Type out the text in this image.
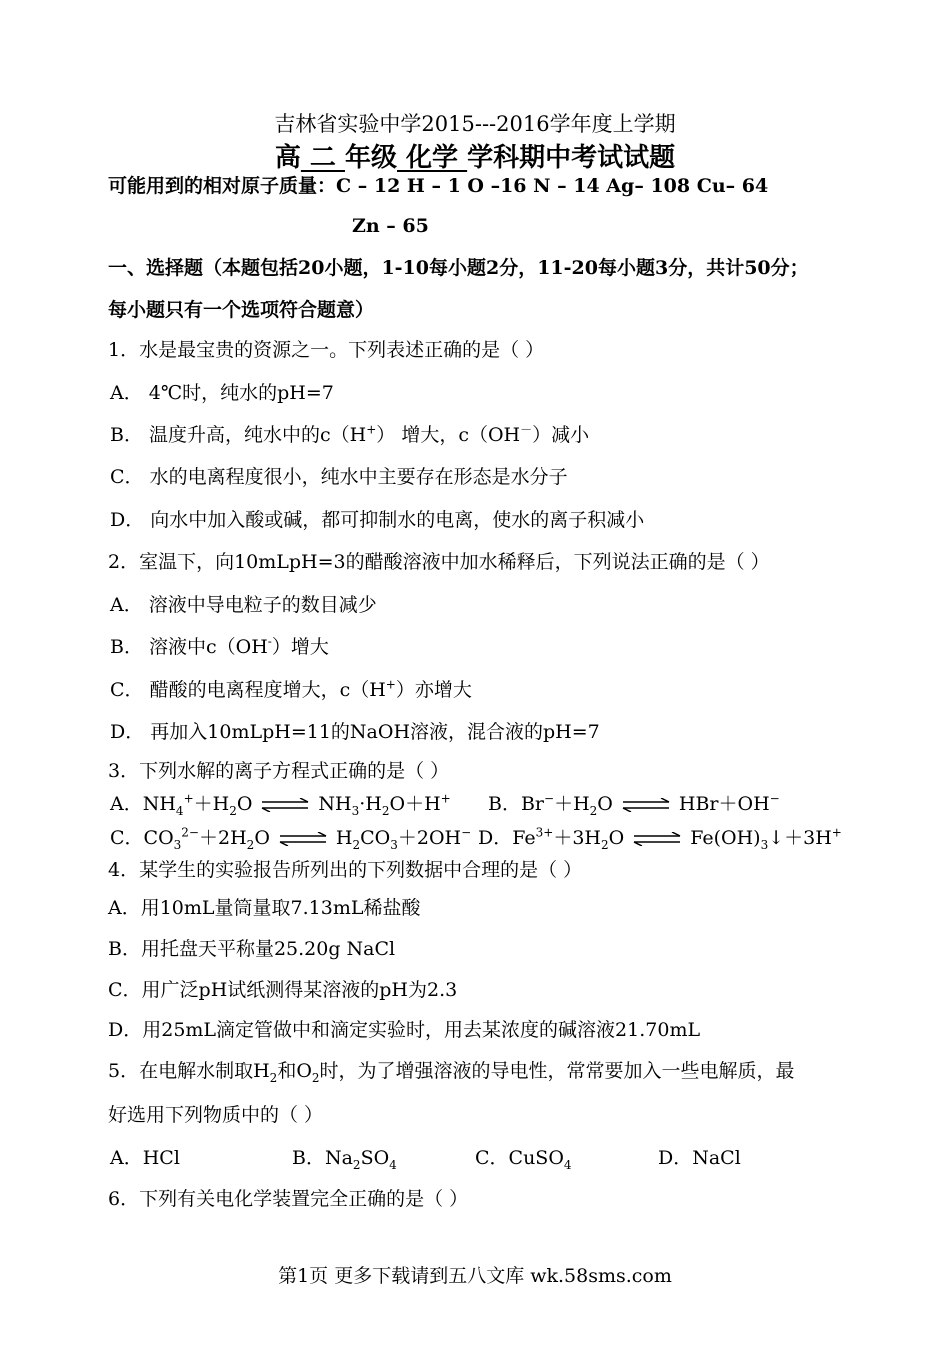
吉林省实验中学2015---2016学年度上学期
高 二 年级 化学 学科期中考试试题
可能用到的相对原子质量：C – 12 H – 1 O –16 N – 14 Ag– 108 Cu– 64
Zn – 65
一、选择题（本题包括20小题，1-10每小题2分，11-20每小题3分，共计50分；
每小题只有一个选项符合题意）
1．水是最宝贵的资源之一。下列表述正确的是（ ）
A． 4℃时，纯水的pH=7
B． 温度升高，纯水中的c（H+） 增大，c（OH－）减小
C． 水的电离程度很小，纯水中主要存在形态是水分子
D． 向水中加入酸或碱，都可抑制水的电离，使水的离子积减小
2．室温下，向10mLpH=3的醋酸溶液中加水稀释后，下列说法正确的是（ ）
A． 溶液中导电粒子的数目减少
B． 溶液中c（OH-）增大
C． 醋酸的电离程度增大，c（H+）亦增大
D． 再加入10mLpH=11的NaOH溶液，混合液的pH=7
3．下列水解的离子方程式正确的是（ ）
A．$NH_4^++H_2O$ ⇌ $NH_3\cdot H_2O+H^+$ B．$Br^-+H_2O$ ⇌ HBr＋OH−
C．$CO_3^{2-}+2H_2O$ ⇌ $H_2CO_3+2OH^-$ D．$Fe^{3+}+3H_2O$ ⇌ $Fe(OH)_3↓+3H^+$
4．某学生的实验报告所列出的下列数据中合理的是（ ）
A．用10mL量筒量取7.13mL稀盐酸
B．用托盘天平称量25.20g NaCl
C．用广泛pH试纸测得某溶液的pH为2.3
D．用25mL滴定管做中和滴定实验时，用去某浓度的碱溶液21.70mL
5．在电解水制取$H_2$和$O_2$时，为了增强溶液的导电性，常常要加入一些电解质，最
好选用下列物质中的（ ）
A．HCl	B．$Na_2SO_4$	C．CuSO$_4$	D．NaCl
6．下列有关电化学装置完全正确的是（ ）
第1页 更多下载请到五八文库 wk.58sms.com
